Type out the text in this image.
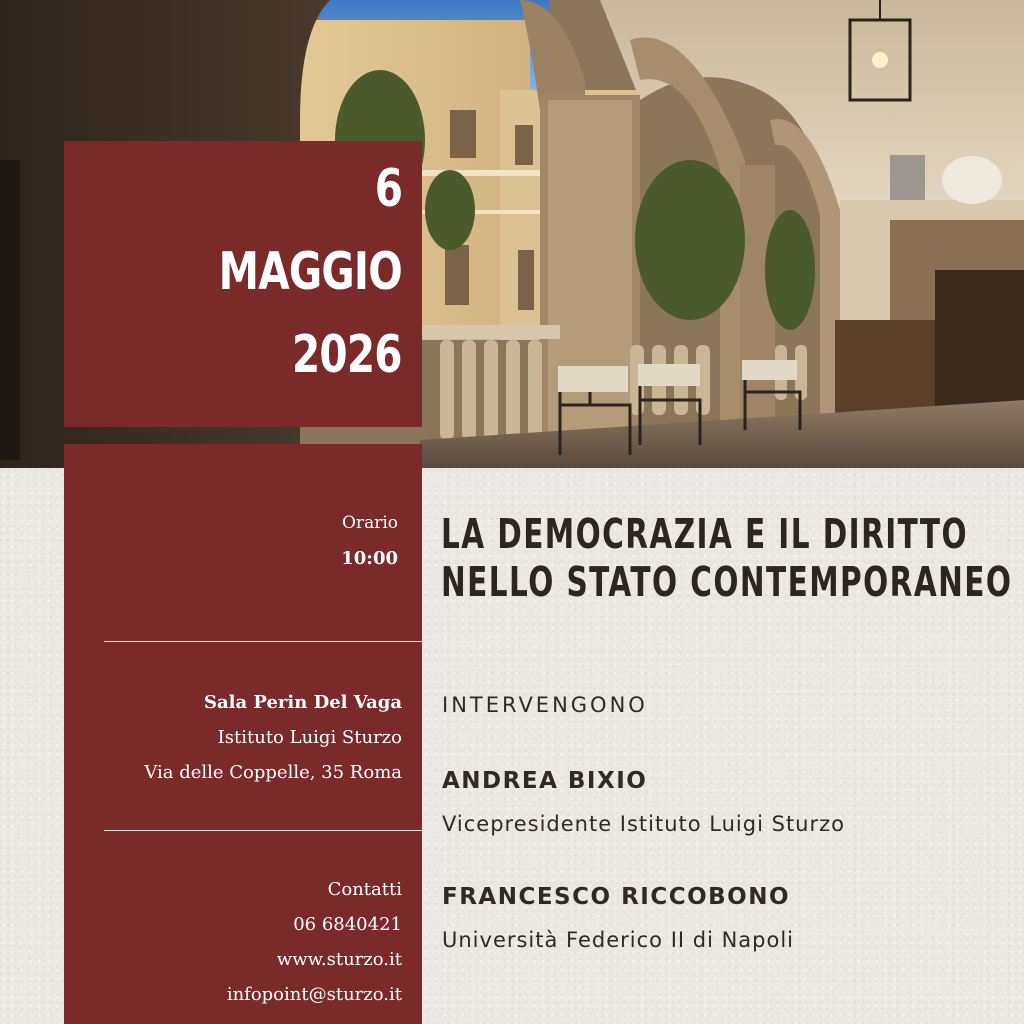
6
MAGGIO
2026
Orario
10:00
Sala Perin Del Vaga
Istituto Luigi Sturzo
Via delle Coppelle, 35 Roma
Contatti
06 6840421
www.sturzo.it
infopoint@sturzo.it
LA DEMOCRAZIA E IL DIRITTO
NELLO STATO CONTEMPORANEO
INTERVENGONO
ANDREA BIXIO
Vicepresidente Istituto Luigi Sturzo
FRANCESCO RICCOBONO
Università Federico II di Napoli
